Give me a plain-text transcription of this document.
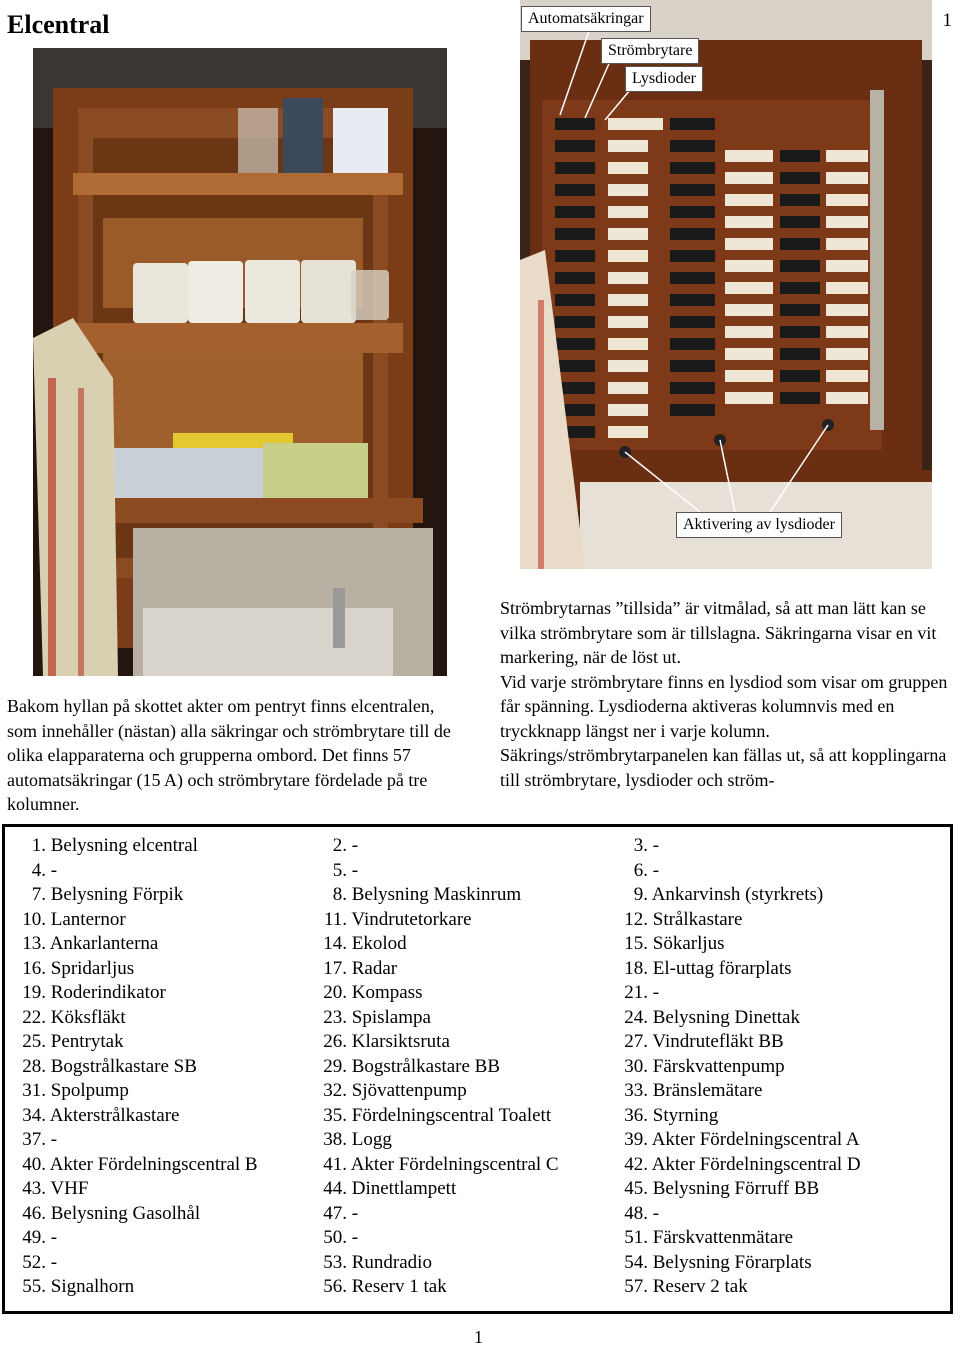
Elcentral	1
Automatsäkringar
Strömbrytare
Lysdioder
Aktivering av lysdioder
Bakom hyllan på skottet akter om pentryt finns elcentralen, som innehåller (nästan) alla säkringar och strömbrytare till de olika elapparaterna och grupperna ombord. Det finns 57 automatsäkringar (15 A) och strömbrytare fördelade på tre kolumner.

Strömbrytarnas ”tillsida” är vitmålad, så att man lätt kan se vilka strömbrytare som är tillslagna. Säkringarna visar en vit markering, när de löst ut.

Vid varje strömbrytare finns en lysdiod som visar om gruppen får spänning. Lysdioderna aktiveras kolumnvis med en tryckknapp längst ner i varje kolumn.

Säkrings/strömbrytarpanelen kan fällas ut, så att kopplingarna till strömbrytare, lysdioder och ström-

1. Belysning elcentral	2. -	3. -
4. -	5. -	6. -
7. Belysning Förpik	8. Belysning Maskinrum	9. Ankarvinsh (styrkrets)
10. Lanternor	11. Vindrutetorkare	12. Strålkastare
13. Ankarlanterna	14. Ekolod	15. Sökarljus
16. Spridarljus	17. Radar	18. El-uttag förarplats
19. Roderindikator	20. Kompass	21. -
22. Köksfläkt	23. Spislampa	24. Belysning Dinettak
25. Pentrytak	26. Klarsiktsruta	27. Vindrutefläkt BB
28. Bogstrålkastare SB	29. Bogstrålkastare BB	30. Färskvattenpump
31. Spolpump	32. Sjövattenpump	33. Bränslemätare
34. Akterstrålkastare	35. Fördelningscentral Toalett	36. Styrning
37. -	38. Logg	39. Akter Fördelningscentral A
40. Akter Fördelningscentral B	41. Akter Fördelningscentral C	42. Akter Fördelningscentral D
43. VHF	44. Dinettlampett	45. Belysning Förruff BB
46. Belysning Gasolhål	47. -	48. -
49. -	50. -	51. Färskvattenmätare
52. -	53. Rundradio	54. Belysning Förarplats
55. Signalhorn	56. Reserv 1 tak	57. Reserv 2 tak
1
